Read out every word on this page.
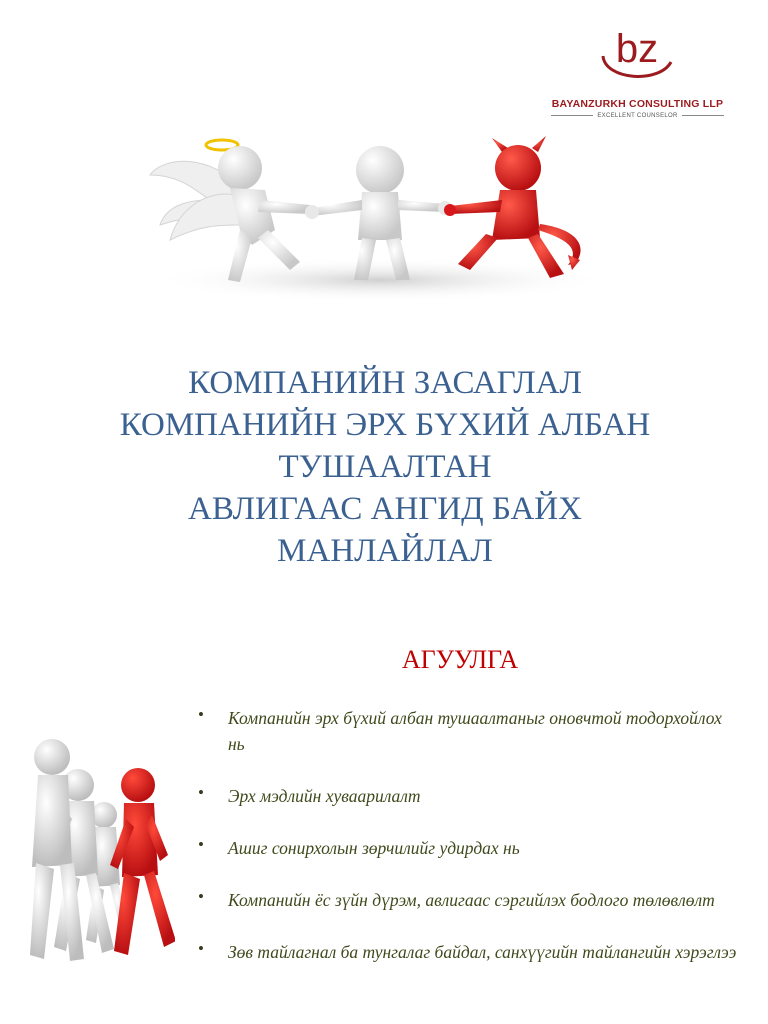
bz
BAYANZURKH CONSULTING LLP
EXCELLENT COUNSELOR
КОМПАНИЙН ЗАСАГЛАЛ
КОМПАНИЙН ЭРХ БҮХИЙ АЛБАН
ТУШААЛТАН
АВЛИГААС АНГИД БАЙХ
МАНЛАЙЛАЛ
АГУУЛГА
• Компанийн эрх бүхий албан тушаалтаныг оновчтой тодорхойлох нь
• Эрх мэдлийн хуваарилалт
• Ашиг сонирхолын зөрчилийг удирдах нь
• Компанийн ёс зүйн дүрэм, авлигаас сэргийлэх бодлого төлөвлөлт
• Зөв тайлагнал ба тунгалаг байдал, санхүүгийн тайлангийн хэрэглээ
